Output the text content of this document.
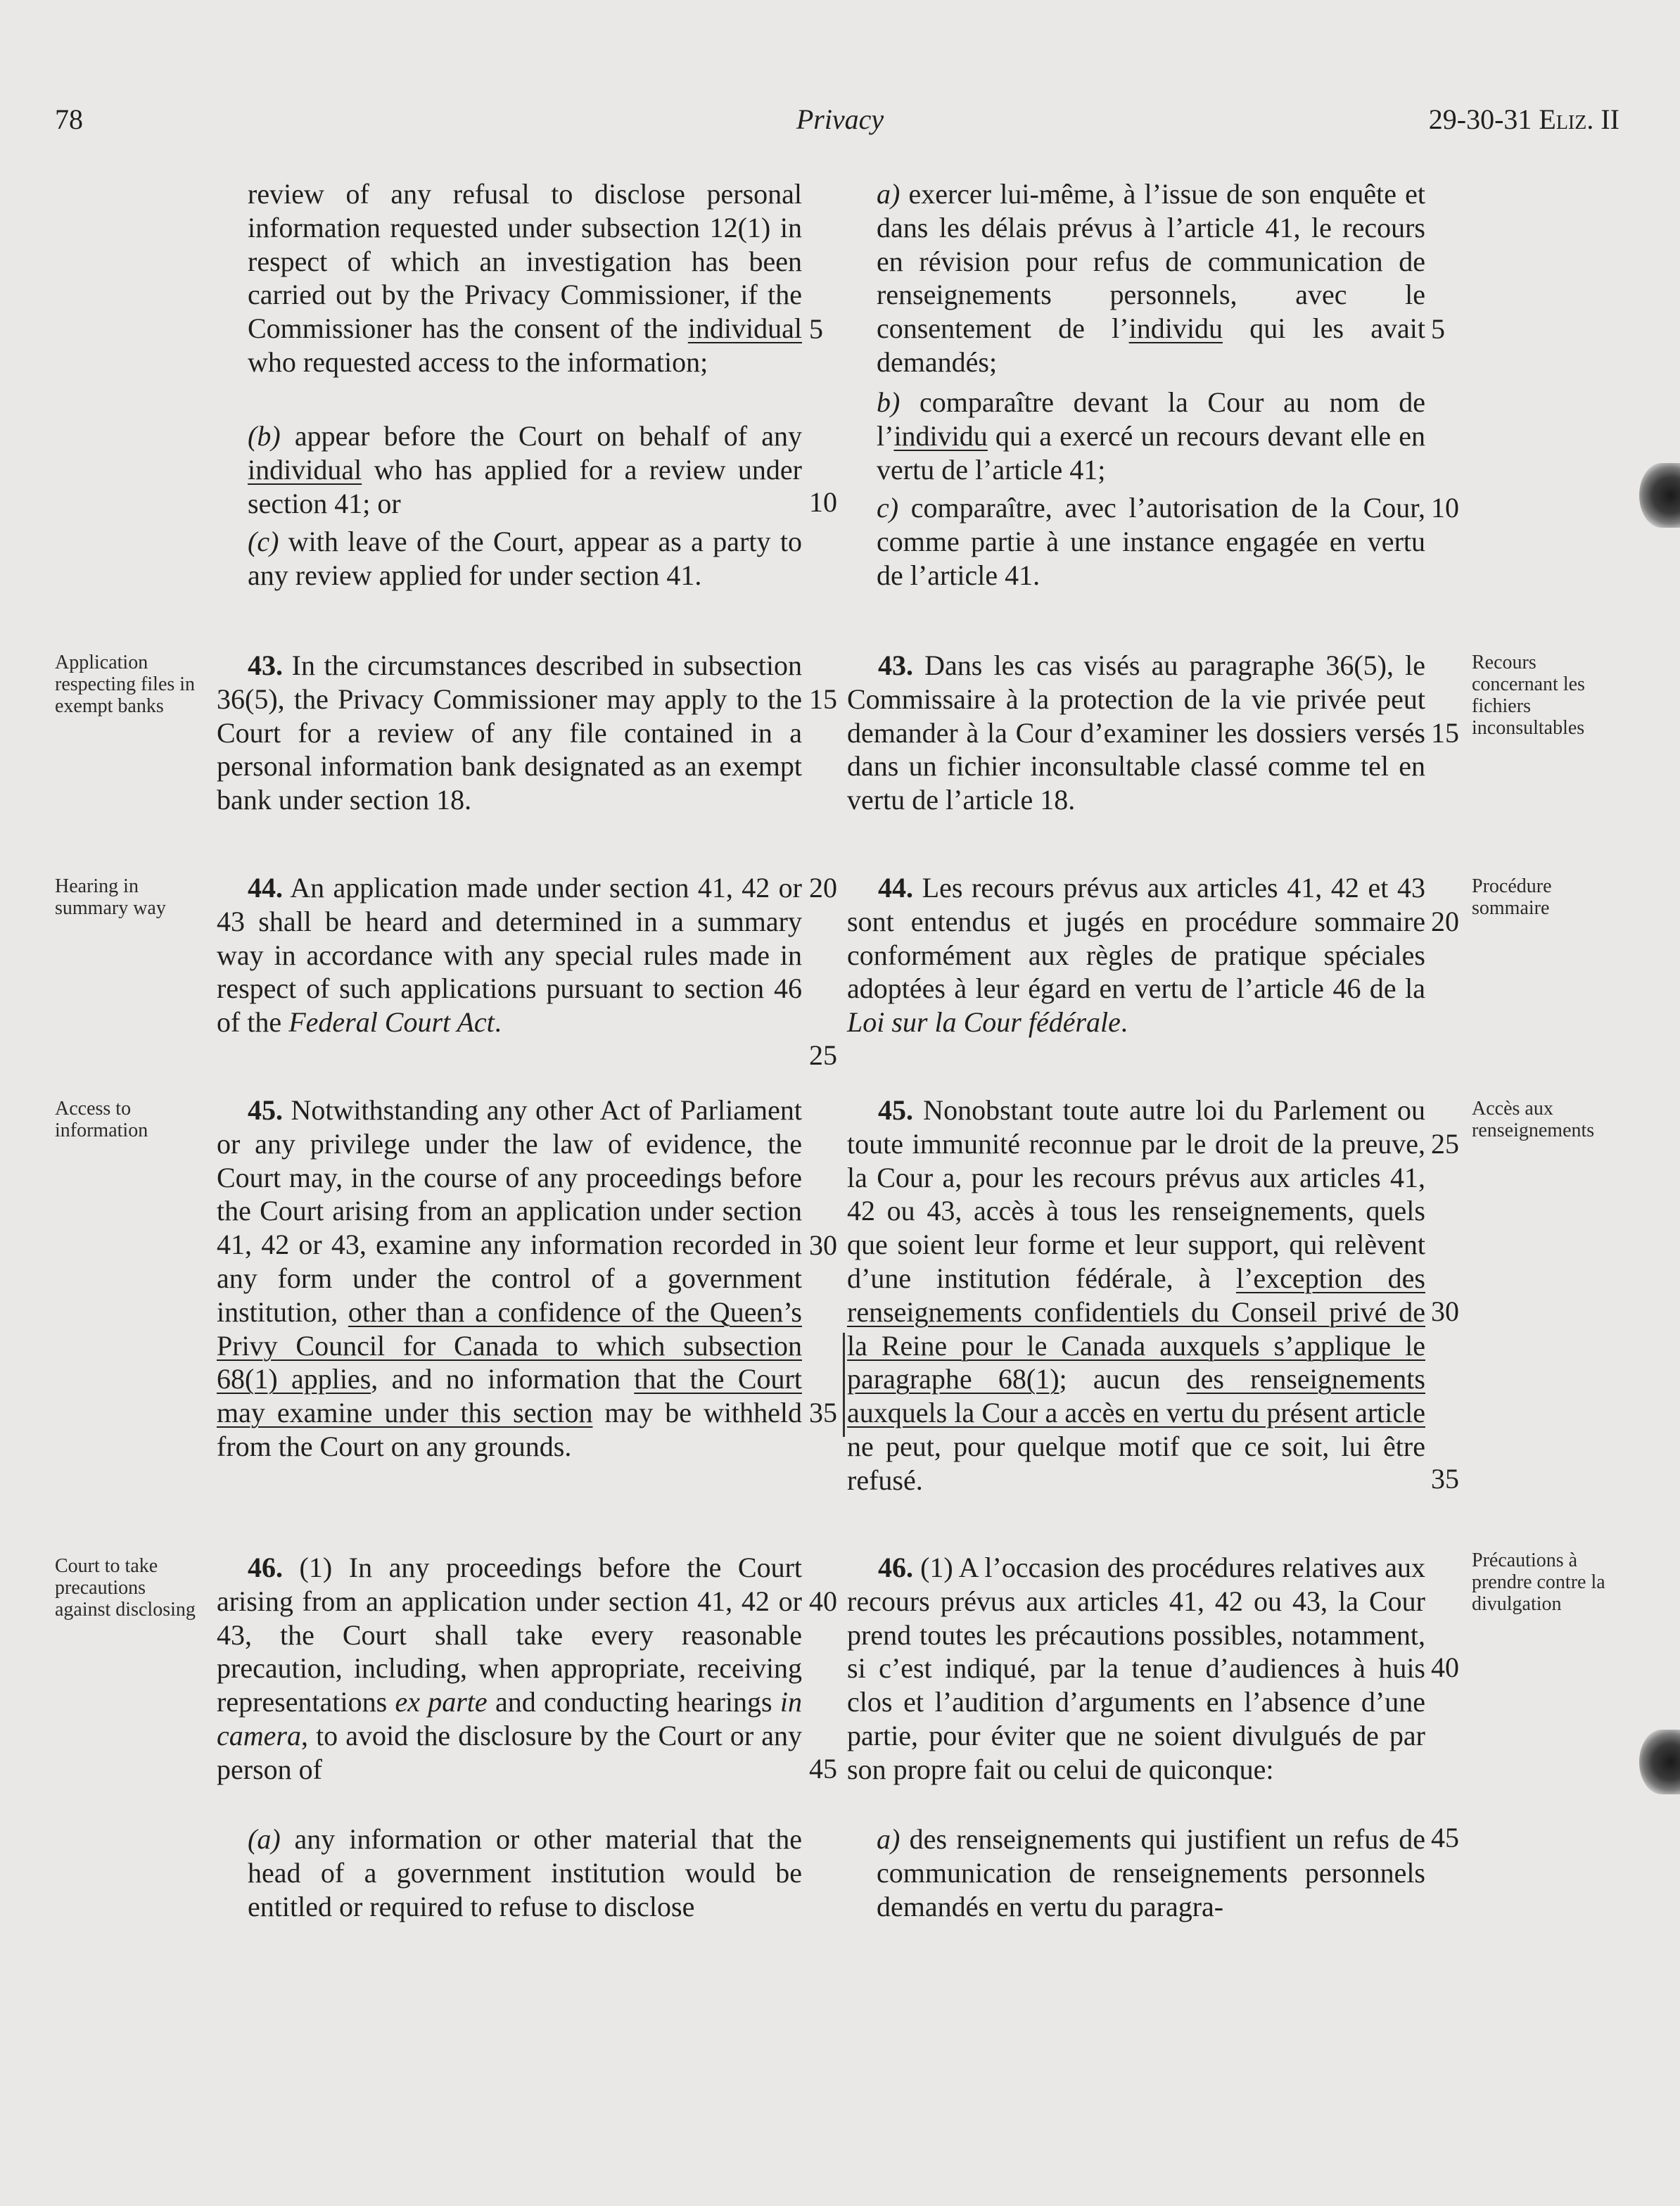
78	Privacy	29-30-31 Eliz. II
review of any refusal to disclose personal information requested under subsection 12(1) in respect of which an investigation has been carried out by the Privacy Commissioner, if the Commissioner has the consent of the individual who requested access to the information;
(b) appear before the Court on behalf of any individual who has applied for a review under section 41; or
(c) with leave of the Court, appear as a party to any review applied for under section 41.
43. In the circumstances described in subsection 36(5), the Privacy Commissioner may apply to the Court for a review of any file contained in a personal information bank designated as an exempt bank under section 18.
44. An application made under section 41, 42 or 43 shall be heard and determined in a summary way in accordance with any special rules made in respect of such applications pursuant to section 46 of the Federal Court Act.
45. Notwithstanding any other Act of Parliament or any privilege under the law of evidence, the Court may, in the course of any proceedings before the Court arising from an application under section 41, 42 or 43, examine any information recorded in any form under the control of a government institution, other than a confidence of the Queen’s Privy Council for Canada to which subsection 68(1) applies, and no information that the Court may examine under this section may be withheld from the Court on any grounds.
46. (1) In any proceedings before the Court arising from an application under section 41, 42 or 43, the Court shall take every reasonable precaution, including, when appropriate, receiving representations ex parte and conducting hearings in camera, to avoid the disclosure by the Court or any person of
(a) any information or other material that the head of a government institution would be entitled or required to refuse to disclose
a) exercer lui-même, à l’issue de son enquête et dans les délais prévus à l’article 41, le recours en révision pour refus de communication de renseignements personnels, avec le consentement de l’individu qui les avait demandés;
b) comparaître devant la Cour au nom de l’individu qui a exercé un recours devant elle en vertu de l’article 41;
c) comparaître, avec l’autorisation de la Cour, comme partie à une instance engagée en vertu de l’article 41.
43. Dans les cas visés au paragraphe 36(5), le Commissaire à la protection de la vie privée peut demander à la Cour d’examiner les dossiers versés dans un fichier inconsultable classé comme tel en vertu de l’article 18.
44. Les recours prévus aux articles 41, 42 et 43 sont entendus et jugés en procédure sommaire conformément aux règles de pratique spéciales adoptées à leur égard en vertu de l’article 46 de la Loi sur la Cour fédérale.
45. Nonobstant toute autre loi du Parlement ou toute immunité reconnue par le droit de la preuve, la Cour a, pour les recours prévus aux articles 41, 42 ou 43, accès à tous les renseignements, quels que soient leur forme et leur support, qui relèvent d’une institution fédérale, à l’exception des renseignements confidentiels du Conseil privé de la Reine pour le Canada auxquels s’applique le paragraphe 68(1); aucun des renseignements auxquels la Cour a accès en vertu du présent article ne peut, pour quelque motif que ce soit, lui être refusé.
46. (1) A l’occasion des procédures relatives aux recours prévus aux articles 41, 42 ou 43, la Cour prend toutes les précautions possibles, notamment, si c’est indiqué, par la tenue d’audiences à huis clos et l’audition d’arguments en l’absence d’une partie, pour éviter que ne soient divulgués de par son propre fait ou celui de quiconque:
a) des renseignements qui justifient un refus de communication de renseignements personnels demandés en vertu du paragra-
5
10
15
20
25
30
35
40
45
5
10
15
20
25
30
35
40
45
Application respecting files in exempt banks
Hearing in summary way
Access to information
Court to take precautions against disclosing
Recours concernant les fichiers inconsultables
Procédure sommaire
Accès aux renseignements
Précautions à prendre contre la divulgation
